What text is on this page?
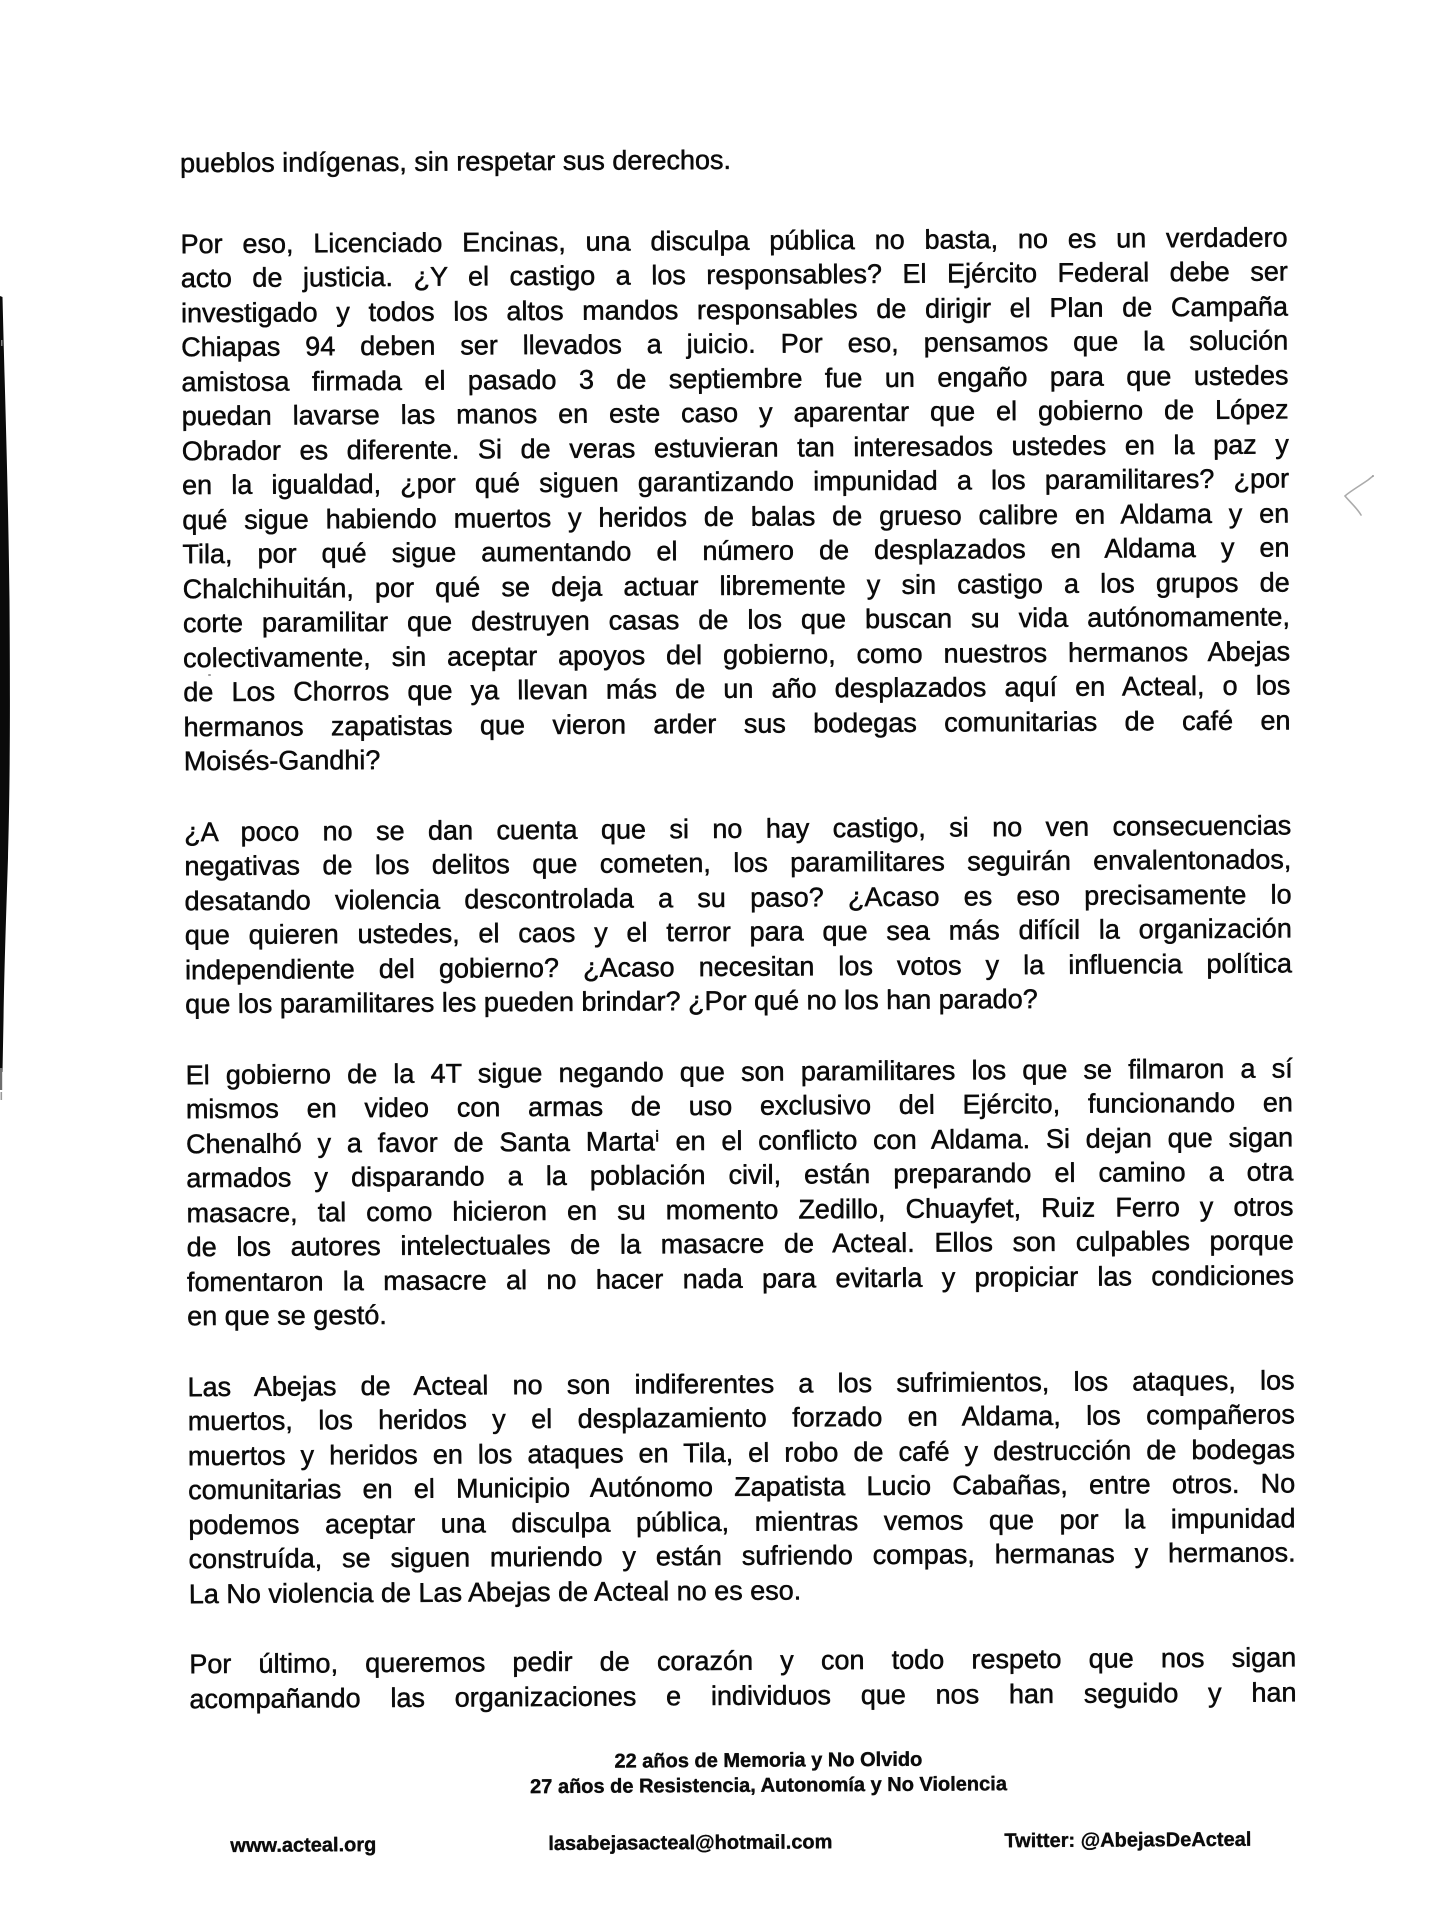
pueblos indígenas, sin respetar sus derechos.
Por eso, Licenciado Encinas, una disculpa pública no basta, no es un verdadero
acto de justicia. ¿Y el castigo a los responsables? El Ejército Federal debe ser
investigado y todos los altos mandos responsables de dirigir el Plan de Campaña
Chiapas 94 deben ser llevados a juicio. Por eso, pensamos que la solución
amistosa firmada el pasado 3 de septiembre fue un engaño para que ustedes
puedan lavarse las manos en este caso y aparentar que el gobierno de López
Obrador es diferente. Si de veras estuvieran tan interesados ustedes en la paz y
en la igualdad, ¿por qué siguen garantizando impunidad a los paramilitares? ¿por
qué sigue habiendo muertos y heridos de balas de grueso calibre en Aldama y en
Tila, por qué sigue aumentando el número de desplazados en Aldama y en
Chalchihuitán, por qué se deja actuar libremente y sin castigo a los grupos de
corte paramilitar que destruyen casas de los que buscan su vida autónomamente,
colectivamente, sin aceptar apoyos del gobierno, como nuestros hermanos Abejas
de Los Chorros que ya llevan más de un año desplazados aquí en Acteal, o los
hermanos zapatistas que vieron arder sus bodegas comunitarias de café en
Moisés-Gandhi?
¿A poco no se dan cuenta que si no hay castigo, si no ven consecuencias
negativas de los delitos que cometen, los paramilitares seguirán envalentonados,
desatando violencia descontrolada a su paso? ¿Acaso es eso precisamente lo
que quieren ustedes, el caos y el terror para que sea más difícil la organización
independiente del gobierno? ¿Acaso necesitan los votos y la influencia política
que los paramilitares les pueden brindar? ¿Por qué no los han parado?
El gobierno de la 4T sigue negando que son paramilitares los que se filmaron a sí
mismos en video con armas de uso exclusivo del Ejército, funcionando en
Chenalhó y a favor de Santa Martaⁱ en el conflicto con Aldama. Si dejan que sigan
armados y disparando a la población civil, están preparando el camino a otra
masacre, tal como hicieron en su momento Zedillo, Chuayfet, Ruiz Ferro y otros
de los autores intelectuales de la masacre de Acteal. Ellos son culpables porque
fomentaron la masacre al no hacer nada para evitarla y propiciar las condiciones
en que se gestó.
Las Abejas de Acteal no son indiferentes a los sufrimientos, los ataques, los
muertos, los heridos y el desplazamiento forzado en Aldama, los compañeros
muertos y heridos en los ataques en Tila, el robo de café y destrucción de bodegas
comunitarias en el Municipio Autónomo Zapatista Lucio Cabañas, entre otros. No
podemos aceptar una disculpa pública, mientras vemos que por la impunidad
construída, se siguen muriendo y están sufriendo compas, hermanas y hermanos.
La No violencia de Las Abejas de Acteal no es eso.
Por último, queremos pedir de corazón y con todo respeto que nos sigan
acompañando las organizaciones e individuos que nos han seguido y han
22 años de Memoria y No Olvido
27 años de Resistencia, Autonomía y No Violencia
www.acteal.org	lasabejasacteal@hotmail.com	Twitter: @AbejasDeActeal
